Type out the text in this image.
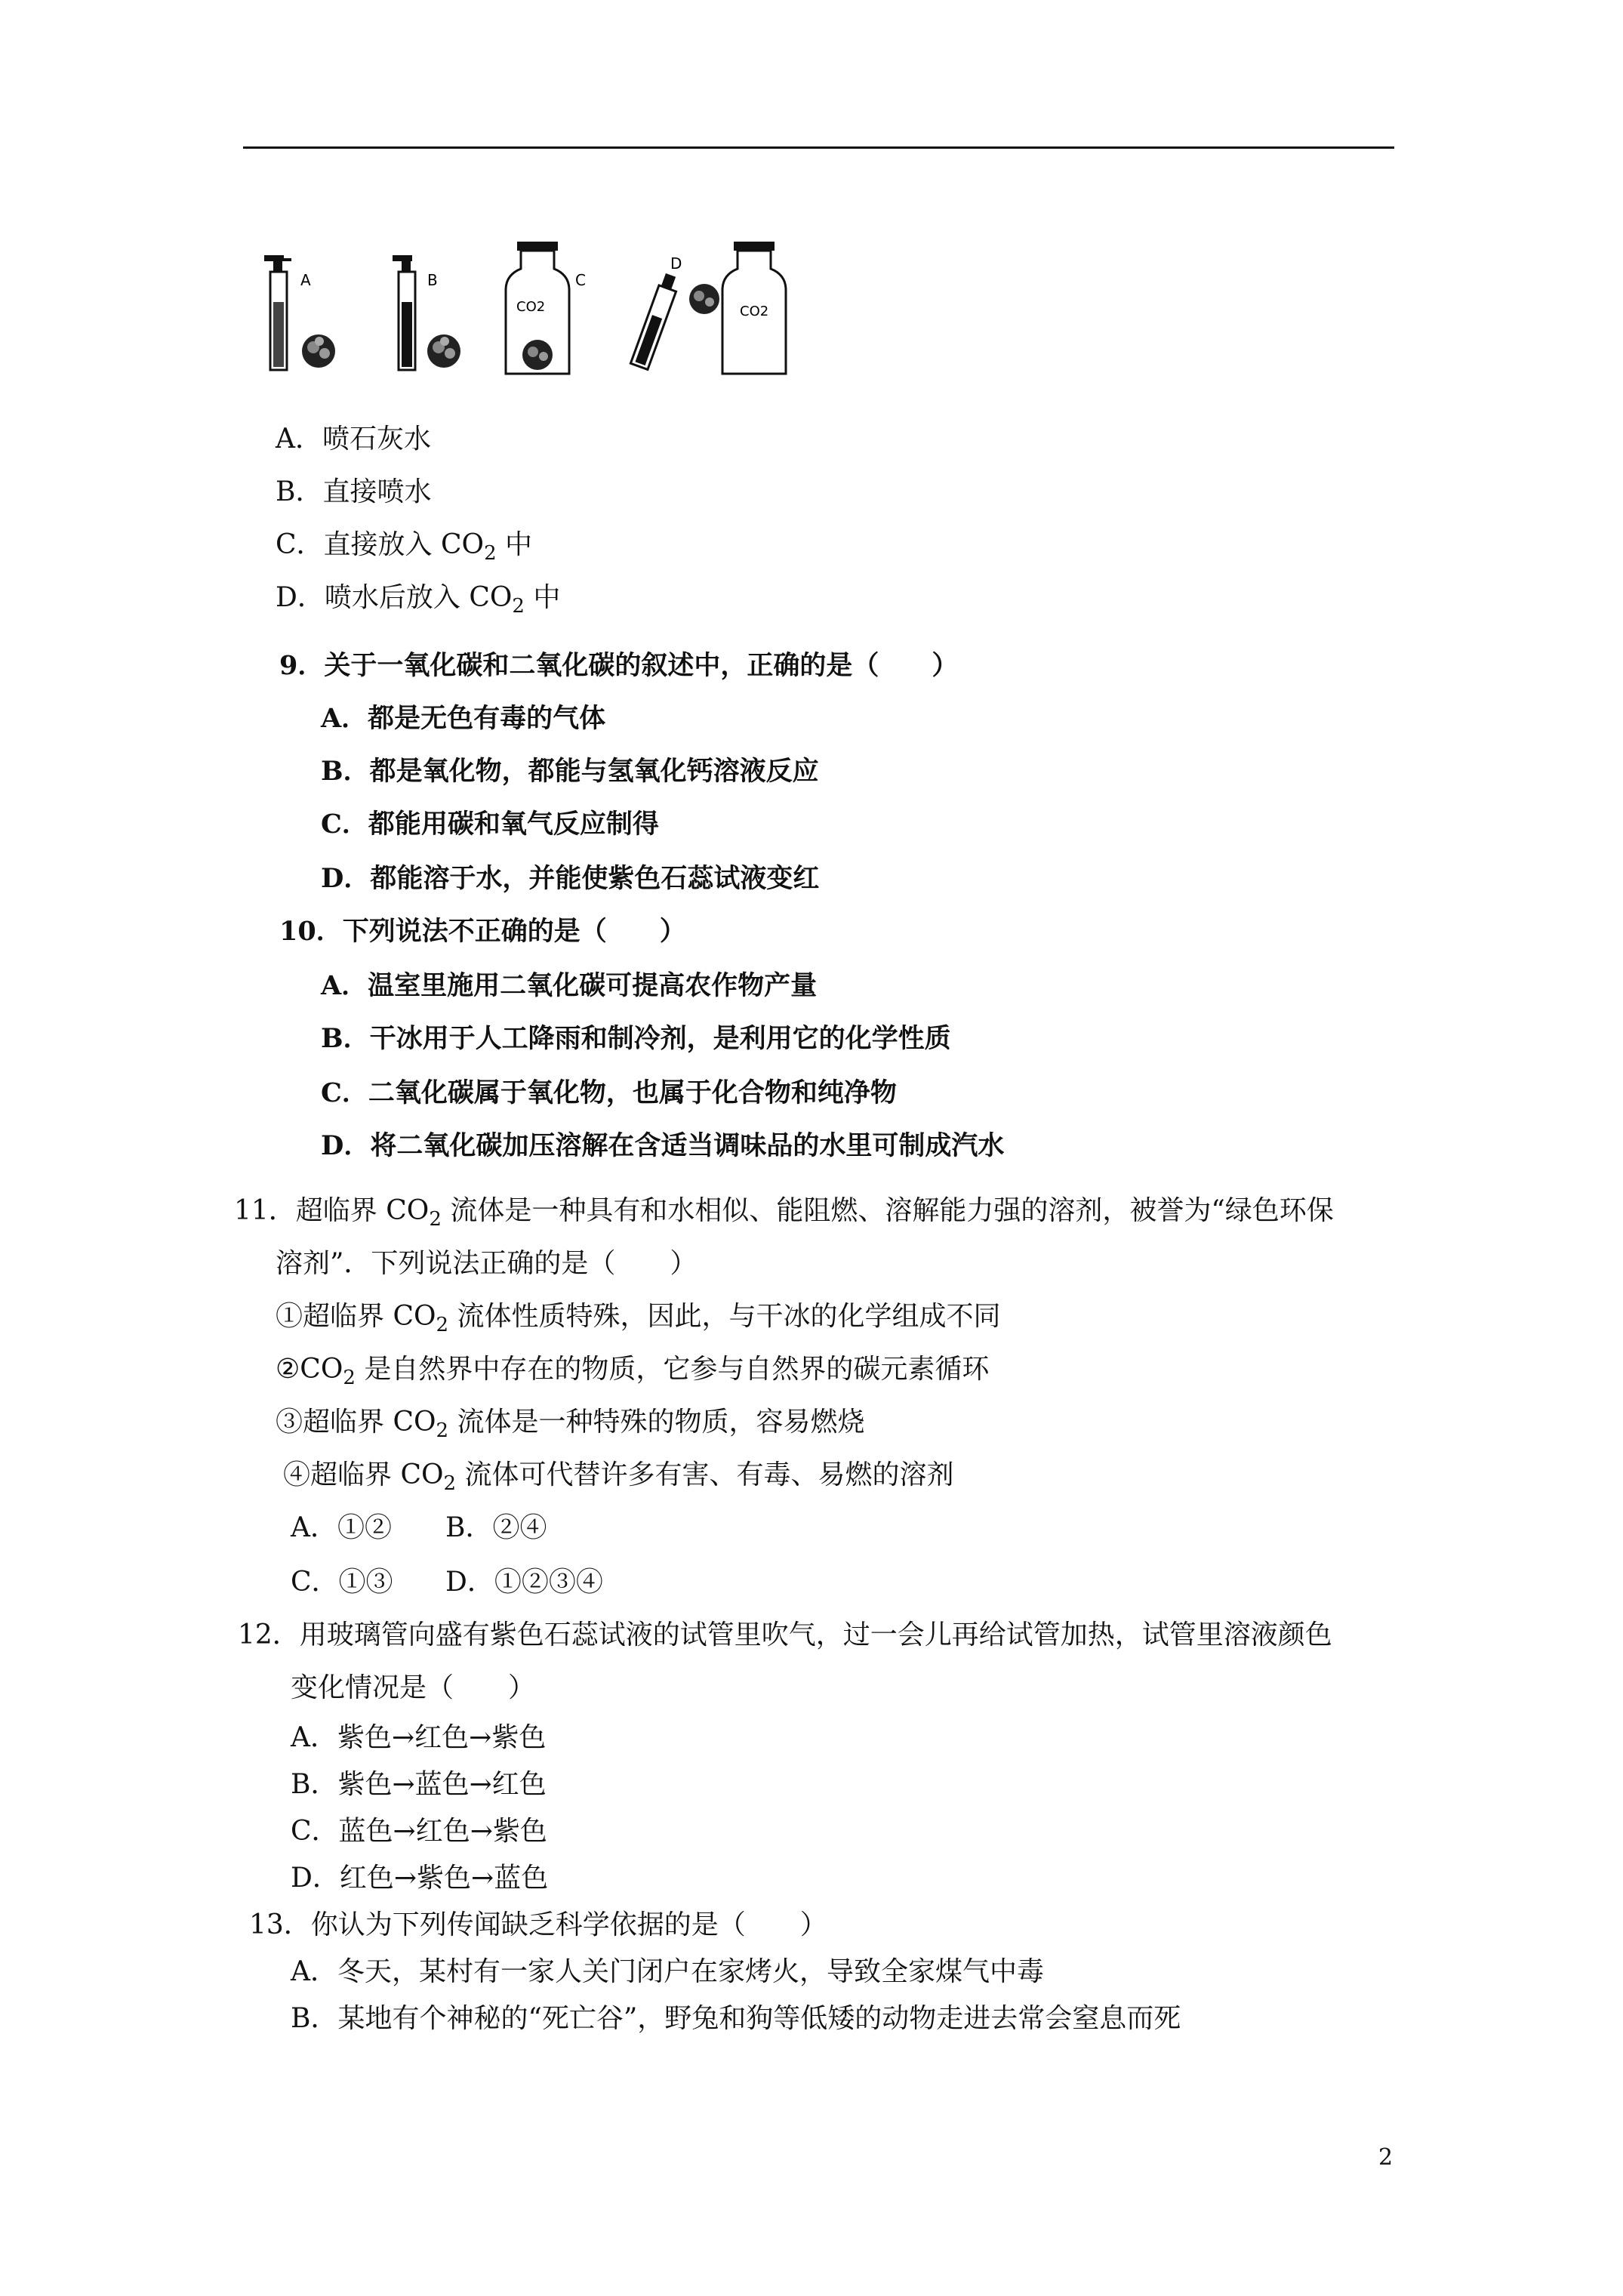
A	B
CO2
C
D
CO2
A．喷石灰水
B．直接喷水
C．直接放入 $CO_2$ 中
D．喷水后放入 $CO_2$ 中
9．关于一氧化碳和二氧化碳的叙述中，正确的是（　　）
A．都是无色有毒的气体
B．都是氧化物，都能与氢氧化钙溶液反应
C．都能用碳和氧气反应制得
D．都能溶于水，并能使紫色石蕊试液变红
10．下列说法不正确的是（　　）
A．温室里施用二氧化碳可提高农作物产量
B．干冰用于人工降雨和制冷剂，是利用它的化学性质
C．二氧化碳属于氧化物，也属于化合物和纯净物
D．将二氧化碳加压溶解在含适当调味品的水里可制成汽水
11．超临界 $CO_2$ 流体是一种具有和水相似、能阻燃、溶解能力强的溶剂，被誉为“绿色环保
溶剂”．下列说法正确的是（　　）
①超临界 $CO_2$ 流体性质特殊，因此，与干冰的化学组成不同
$②CO_2$ 是自然界中存在的物质，它参与自然界的碳元素循环
③超临界 $CO_2$ 流体是一种特殊的物质，容易燃烧
④超临界 $CO_2$ 流体可代替许多有害、有毒、易燃的溶剂
A．①② B．②④
C．①③ D．①②③④
12．用玻璃管向盛有紫色石蕊试液的试管里吹气，过一会儿再给试管加热，试管里溶液颜色
变化情况是（　　）
A．紫色→红色→紫色
B．紫色→蓝色→红色
C．蓝色→红色→紫色
D．红色→紫色→蓝色
13．你认为下列传闻缺乏科学依据的是（　　）
A．冬天，某村有一家人关门闭户在家烤火，导致全家煤气中毒
B．某地有个神秘的“死亡谷”，野兔和狗等低矮的动物走进去常会窒息而死
2
